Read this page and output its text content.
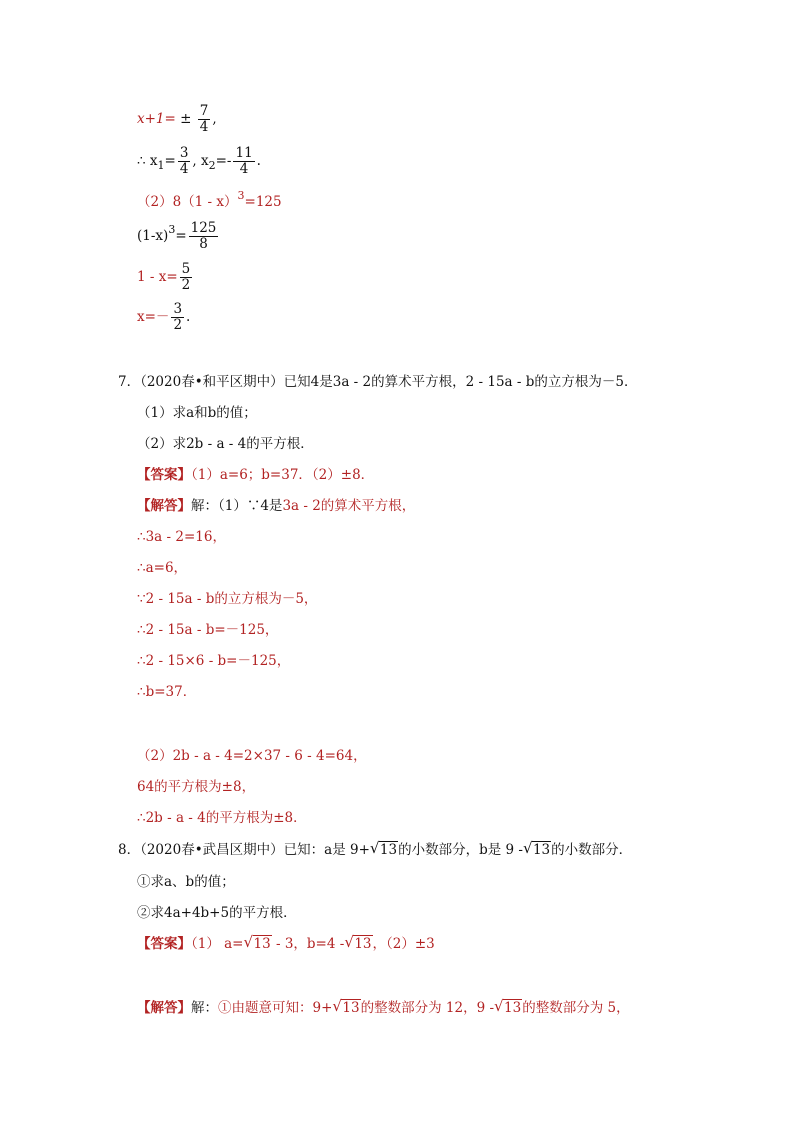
$x+1= \pm \frac{7}{4}$ ,
∴ $x_1= \frac{3}{4}$ , $x_2=- \frac{11}{4}$ .
（2）8（1 - x）$^3$=125
$(1-x)^3= \frac{125}{8}$
$1 - x= \frac{5}{2}$
$x=- \frac{3}{2}$ .
7．（2020春•和平区期中）已知4是3a - 2的算术平方根，2 - 15a - b的立方根为－5．
（1）求a和b的值；
（2）求2b - a - 4的平方根．
【答案】（1）a=6；b=37．（2）±8．
【解答】解：（1）∵4是3a - 2的算术平方根，
∴3a - 2=16，
∴a=6，
∵2 - 15a - b的立方根为－5，
∴2 - 15a - b=－125，
∴2 - 15×6 - b=－125，
∴b=37．
（2）2b - a - 4=2×37 - 6 - 4=64，
64的平方根为±8，
∴2b - a - 4的平方根为±8．
8．（2020春•武昌区期中）已知：a是 9+ √ 13的小数部分，b是 9 - √ 13的小数部分．
①求a、b的值；
②求4a+4b+5的平方根．
【答案】（1） a= √ 13 - 3，b=4 - √ 13，（2）±3
【解答】解：①由题意可知：9+ √ 13的整数部分为 12，9 - √ 13的整数部分为 5，
